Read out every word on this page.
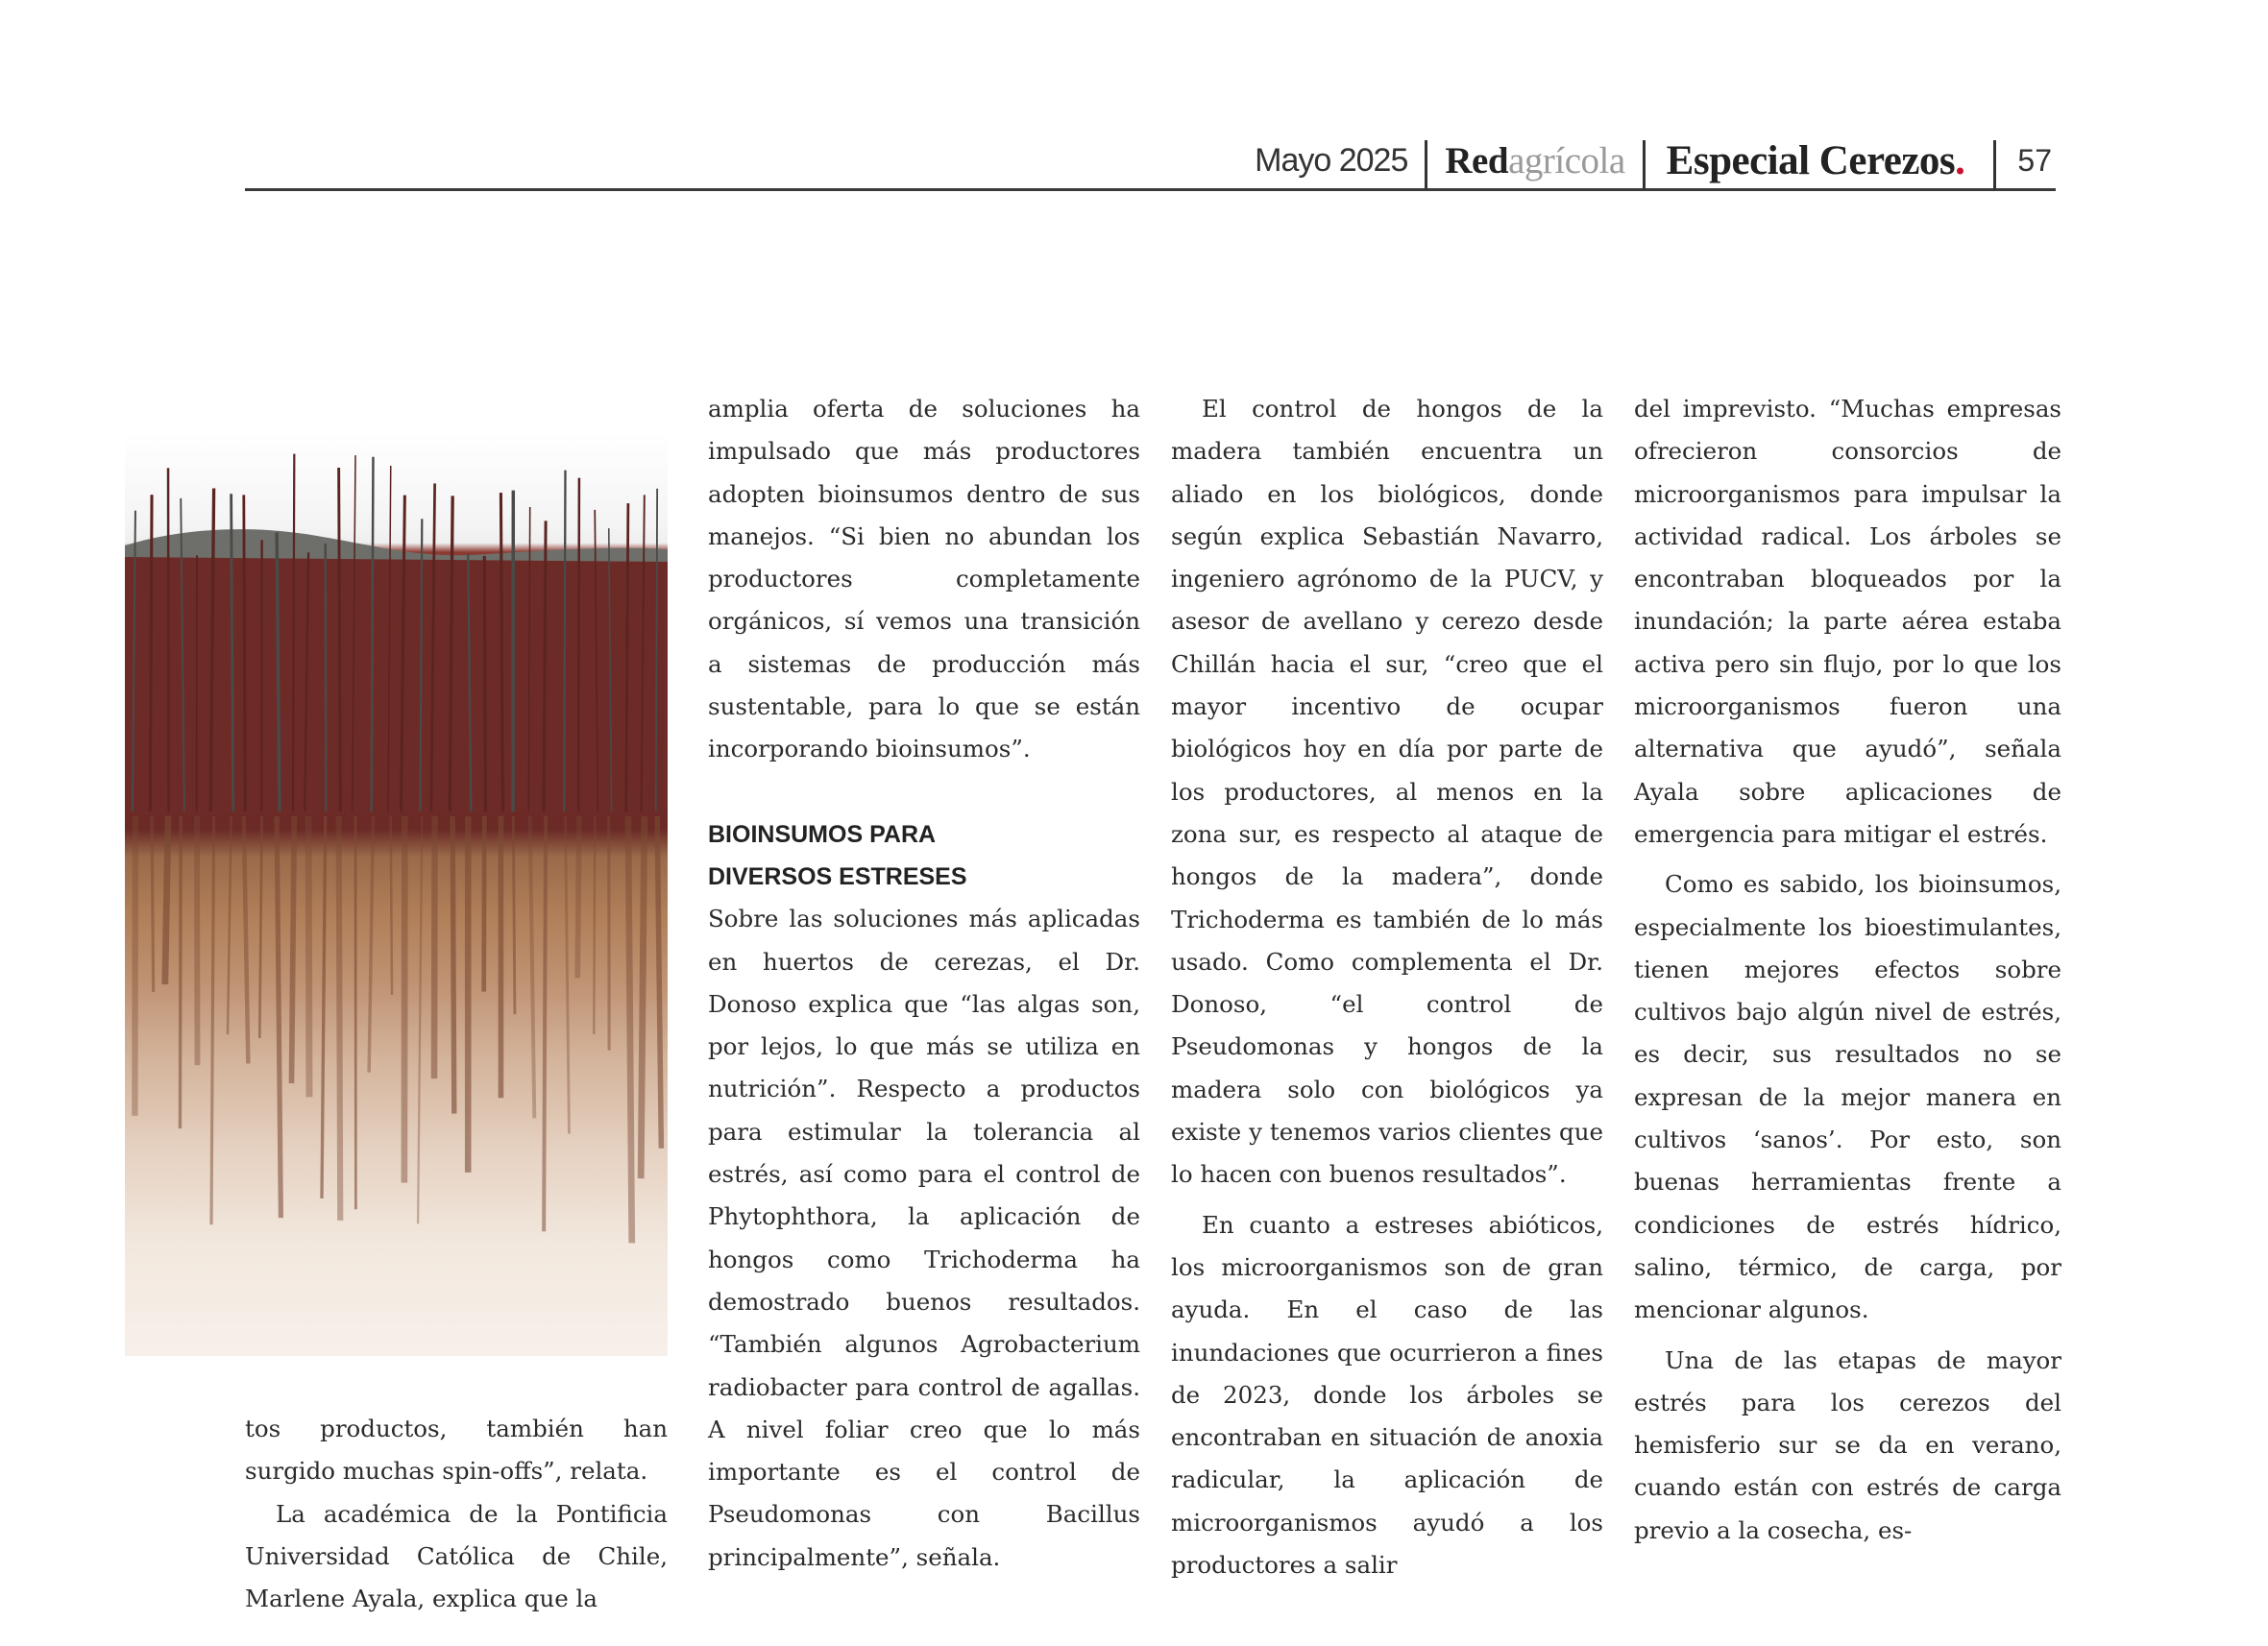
Mayo 2025	Redagrícola	Especial Cerezos.	57

tos productos, también han surgido muchas spin-offs”, relata.

La académica de la Pontificia Universidad Católica de Chile, Marlene Ayala, explica que la

amplia oferta de soluciones ha impulsado que más productores adopten bioinsumos dentro de sus manejos. “Si bien no abundan los productores completamente orgánicos, sí vemos una transición a sistemas de producción más sustentable, para lo que se están incorporando bioinsumos”.

BIOINSUMOS PARA
DIVERSOS ESTRESES

Sobre las soluciones más aplicadas en huertos de cerezas, el Dr. Donoso explica que “las algas son, por lejos, lo que más se utiliza en nutrición”. Respecto a productos para estimular la tolerancia al estrés, así como para el control de Phytophthora, la aplicación de hongos como Trichoderma ha demostrado buenos resultados. “También algunos Agrobacterium radiobacter para control de agallas. A nivel foliar creo que lo más importante es el control de Pseudomonas con Bacillus principalmente”, señala.

El control de hongos de la madera también encuentra un aliado en los biológicos, donde según explica Sebastián Navarro, ingeniero agrónomo de la PUCV, y asesor de avellano y cerezo desde Chillán hacia el sur, “creo que el mayor incentivo de ocupar biológicos hoy en día por parte de los productores, al menos en la zona sur, es respecto al ataque de hongos de la madera”, donde Trichoderma es también de lo más usado. Como complementa el Dr. Donoso, “el control de Pseudomonas y hongos de la madera solo con biológicos ya existe y tenemos varios clientes que lo hacen con buenos resultados”.

En cuanto a estreses abióticos, los microorganismos son de gran ayuda. En el caso de las inundaciones que ocurrieron a fines de 2023, donde los árboles se encontraban en situación de anoxia radicular, la aplicación de microorganismos ayudó a los productores a salir

del imprevisto. “Muchas empresas ofrecieron consorcios de microorganismos para impulsar la actividad radical. Los árboles se encontraban bloqueados por la inundación; la parte aérea estaba activa pero sin flujo, por lo que los microorganismos fueron una alternativa que ayudó”, señala Ayala sobre aplicaciones de emergencia para mitigar el estrés.

Como es sabido, los bioinsumos, especialmente los bioestimulantes, tienen mejores efectos sobre cultivos bajo algún nivel de estrés, es decir, sus resultados no se expresan de la mejor manera en cultivos ‘sanos’. Por esto, son buenas herramientas frente a condiciones de estrés hídrico, salino, térmico, de carga, por mencionar algunos.

Una de las etapas de mayor estrés para los cerezos del hemisferio sur se da en verano, cuando están con estrés de carga previo a la cosecha, es-
